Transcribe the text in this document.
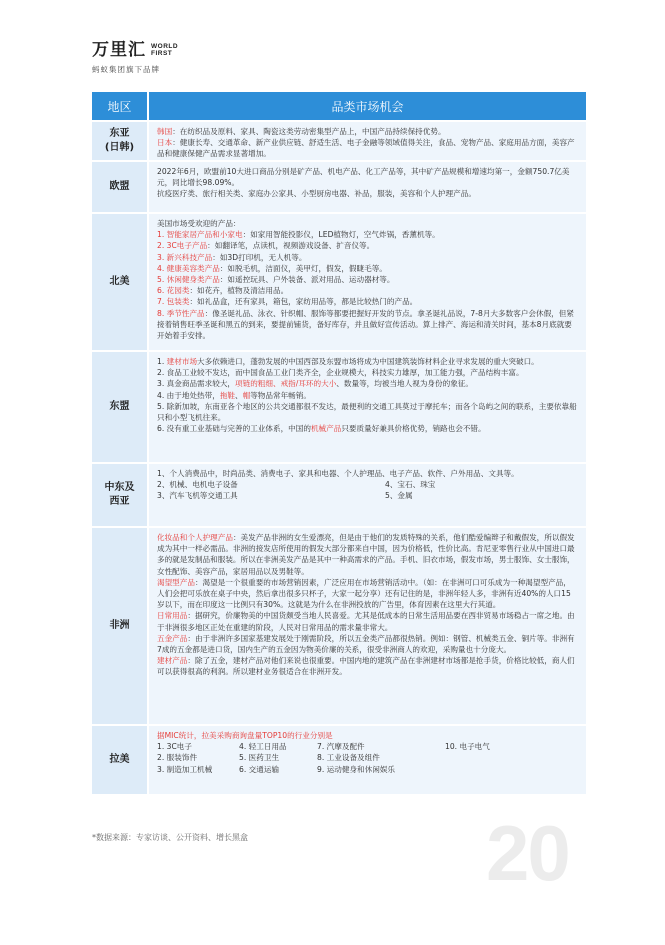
万里汇 WORLD
FIRST
蚂蚁集团旗下品牌
地区	品类市场机会
东亚
(日韩)
韩国：在纺织品及原料、家具、陶瓷这类劳动密集型产品上，中国产品持续保持优势。
日本：健康长寿、交通革命、新产业供应链、舒适生活、电子金融等领域值得关注，食品、宠物产品、家庭用品方面，美容产品和健康保健产品需求显著增加。
欧盟
2022年6月，欧盟前10大进口商品分别是矿产品、机电产品、化工产品等，其中矿产品规模和增速均第一，金额750.7亿美元，同比增长98.09%。
抗疫医疗类、旅行相关类、家庭办公家具、小型厨房电器、补品，服装，美容和个人护理产品。
北美
美国市场受欢迎的产品：
1. 智能家居产品和小家电：如家用智能投影仪，LED植物灯，空气炸锅，香薰机等。
2. 3C电子产品：如翻译笔，点读机，视频游戏设备、扩音仪等。
3. 新兴科技产品：如3D打印机，无人机等。
4. 健康美容类产品：如脱毛机，洁面仪，美甲灯，假发，假睫毛等。
5. 休闲健身类产品：如遥控玩具、户外装备、派对用品、运动器材等。
6. 花园类：如花卉，植物及清洁用品。
7. 包装类：如礼品盒，还有家具，箱包，家纺用品等，都是比较热门的产品。
8. 季节性产品：像圣诞礼品、泳衣、针织帽、服饰等都要把握好开发的节点。拿圣诞礼品说，7-8月大多数客户会休假，但紧接着销售旺季圣诞和黑五的到来，要提前铺货，备好库存，并且做好宣传活动。算上排产、海运和清关时间，基本8月底就要开始着手安排。
东盟
1. 建材市场大多依赖进口，蓬勃发展的中国西部及东盟市场将成为中国建筑装饰材料企业寻求发展的重大突破口。
2. 食品工业较不发达，而中国食品工业门类齐全，企业规模大，科技实力雄厚，加工能力强，产品结构丰富。
3. 真金商品需求较大，项链的粗细、戒指/耳环的大小、数量等，均被当地人视为身份的象征。
4. 由于地处热带，拖鞋、帽等物品常年畅销。
5. 除新加坡，东南亚各个地区的公共交通都很不发达，最便利的交通工具莫过于摩托车；而各个岛屿之间的联系，主要依靠船只和小型飞机往来。
6. 没有重工业基础与完善的工业体系，中国的机械产品只要质量好兼具价格优势，销路也会不错。
中东及
西亚
1、个人消费品中，时尚品类、消费电子、家具和电器、个人护理品、电子产品、软件、户外用品、文具等。
2、机械、电机电子设备	4、宝石、珠宝
3、汽车飞机等交通工具	5、金属
非洲
化妆品和个人护理产品：美发产品非洲的女生爱漂亮，但是由于他们的发质特殊的关系，他们酷爱编辫子和戴假发，所以假发成为其中一样必需品。非洲的接发店所使用的假发大部分都来自中国，因为价格低，性价比高。肯尼亚零售行业从中国进口最多的就是发制品和服装。所以在非洲美发产品是其中一种高需求的产品。手机、旧衣市场，假发市场，男士服饰、女士服饰，女性配饰、美容产品，家居用品以及男鞋等。
渴望型产品：渴望是一个很重要的市场营销因素，广泛应用在市场营销活动中。（如：在非洲可口可乐成为一种渴望型产品，人们会把可乐放在桌子中央，然后拿出很多只杯子，大家一起分享）还有记住的是，非洲年轻人多，非洲有近40%的人口15岁以下，而在印度这一比例只有30%。这就是为什么在非洲投放的广告里，体育因素在这里大行其道。
日常用品：据研究，价廉物美的中国货颇受当地人民喜爱。尤其是低成本的日常生活用品要在西非贸易市场稳占一席之地。由于非洲很多地区正处在重建的阶段，人民对日常用品的需求量非常大。
五金产品：由于非洲许多国家基建发展处于刚需阶段，所以五金类产品都很热销。例如：钢管、机械类五金、铜片等。非洲有7成的五金都是进口货，国内生产的五金因为物美价廉的关系，很受非洲商人的欢迎，采购量也十分庞大。
建材产品：除了五金，建材产品对他们来说也很重要。中国内地的建筑产品在非洲建材市场都是抢手货，价格比较低，商人们可以获得很高的利润。所以建材业务很适合在非洲开发。
拉美
据MIC统计，拉美采购商询盘量TOP10的行业分别是
1. 3C电子	4. 轻工日用品	7. 汽摩及配件	10. 电子电气
2. 服装饰件	5. 医药卫生	8. 工业设备及组件
3. 制造加工机械	6. 交通运输	9. 运动健身和休闲娱乐
*数据来源：专家访谈、公开资料、增长黑盒	20
